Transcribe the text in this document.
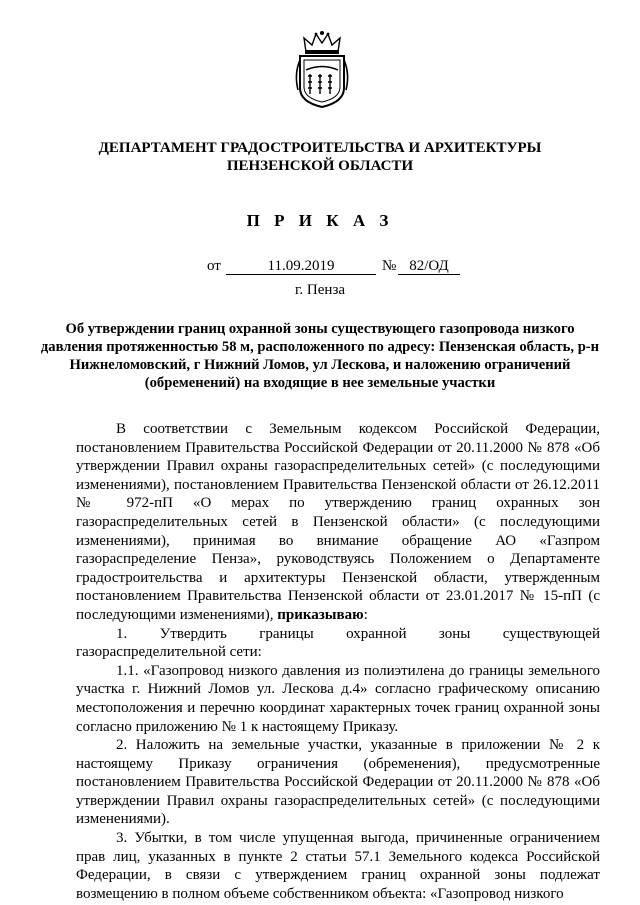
ДЕПАРТАМЕНТ ГРАДОСТРОИТЕЛЬСТВА И АРХИТЕКТУРЫ
ПЕНЗЕНСКОЙ ОБЛАСТИ
П Р И К А З
от	11.09.2019	№ 82/ОД
г. Пенза
Об утверждении границ охранной зоны существующего газопровода низкого давления протяженностью 58 м, расположенного по адресу: Пензенская область, р-н Нижнеломовский, г Нижний Ломов, ул Лескова, и наложению ограничений (обременений) на входящие в нее земельные участки

В соответствии с Земельным кодексом Российской Федерации, постановлением Правительства Российской Федерации от 20.11.2000 № 878 «Об утверждении Правил охраны газораспределительных сетей» (с последующими изменениями), постановлением Правительства Пензенской области от 26.12.2011 № 972-пП «О мерах по утверждению границ охранных зон газораспределительных сетей в Пензенской области» (с последующими изменениями), принимая во внимание обращение АО «Газпром газораспределение Пенза», руководствуясь Положением о Департаменте градостроительства и архитектуры Пензенской области, утвержденным постановлением Правительства Пензенской области от 23.01.2017 № 15-пП (с последующими изменениями), приказываю:

1. Утвердить границы охранной зоны существующей газораспределительной сети:

1.1. «Газопровод низкого давления из полиэтилена до границы земельного участка г. Нижний Ломов ул. Лескова д.4» согласно графическому описанию местоположения и перечню координат характерных точек границ охранной зоны согласно приложению № 1 к настоящему Приказу.

2. Наложить на земельные участки, указанные в приложении № 2 к настоящему Приказу ограничения (обременения), предусмотренные постановлением Правительства Российской Федерации от 20.11.2000 № 878 «Об утверждении Правил охраны газораспределительных сетей» (с последующими изменениями).

3. Убытки, в том числе упущенная выгода, причиненные ограничением прав лиц, указанных в пункте 2 статьи 57.1 Земельного кодекса Российской Федерации, в связи с утверждением границ охранной зоны подлежат возмещению в полном объеме собственником объекта: «Газопровод низкого
